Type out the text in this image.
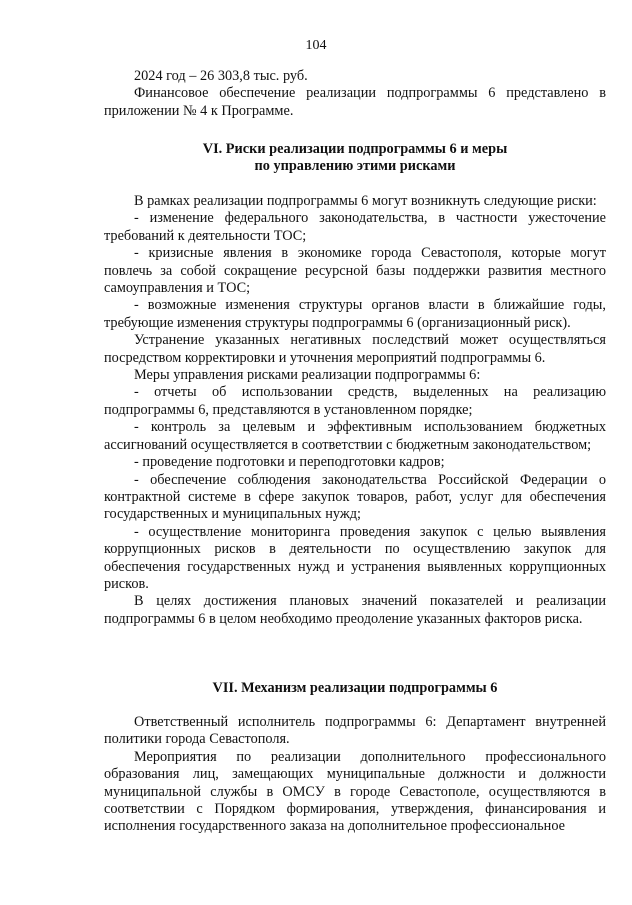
104

2024 год – 26 303,8 тыс. руб.

Финансовое обеспечение реализации подпрограммы 6 представлено в приложении № 4 к Программе.

VI. Риски реализации подпрограммы 6 и меры
по управлению этими рисками

В рамках реализации подпрограммы 6 могут возникнуть следующие риски:

- изменение федерального законодательства, в частности ужесточение требований к деятельности ТОС;

- кризисные явления в экономике города Севастополя, которые могут повлечь за собой сокращение ресурсной базы поддержки развития местного самоуправления и ТОС;

- возможные изменения структуры органов власти в ближайшие годы, требующие изменения структуры подпрограммы 6 (организационный риск).

Устранение указанных негативных последствий может осуществляться посредством корректировки и уточнения мероприятий подпрограммы 6.

Меры управления рисками реализации подпрограммы 6:

- отчеты об использовании средств, выделенных на реализацию подпрограммы 6, представляются в установленном порядке;

- контроль за целевым и эффективным использованием бюджетных ассигнований осуществляется в соответствии с бюджетным законодательством;

- проведение подготовки и переподготовки кадров;

- обеспечение соблюдения законодательства Российской Федерации о контрактной системе в сфере закупок товаров, работ, услуг для обеспечения государственных и муниципальных нужд;

- осуществление мониторинга проведения закупок с целью выявления коррупционных рисков в деятельности по осуществлению закупок для обеспечения государственных нужд и устранения выявленных коррупционных рисков.

В целях достижения плановых значений показателей и реализации подпрограммы 6 в целом необходимо преодоление указанных факторов риска.

VII. Механизм реализации подпрограммы 6

Ответственный исполнитель подпрограммы 6: Департамент внутренней политики города Севастополя.

Мероприятия по реализации дополнительного профессионального образования лиц, замещающих муниципальные должности и должности муниципальной службы в ОМСУ в городе Севастополе, осуществляются в соответствии с Порядком формирования, утверждения, финансирования и исполнения государственного заказа на дополнительное профессиональное
